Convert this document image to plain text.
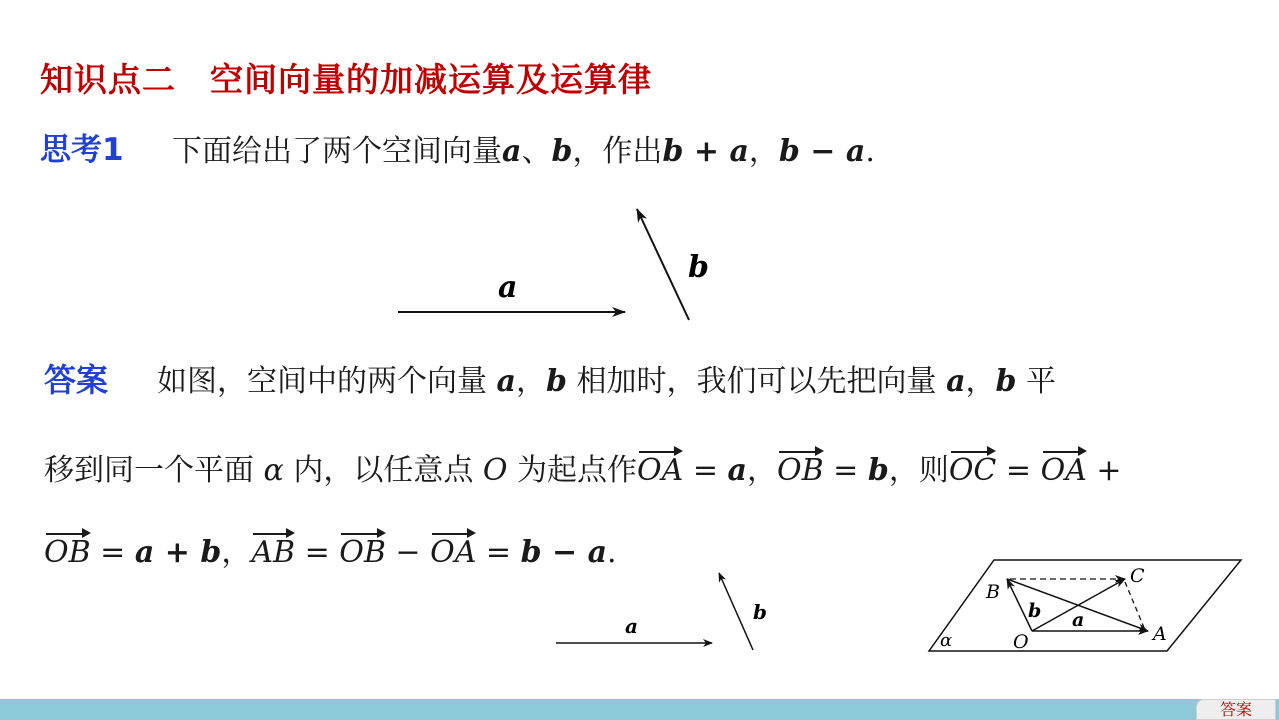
知识点二　空间向量的加减运算及运算律
思考1 下面给出了两个空间向量a、b，作出b + a，b − a.
a
b
答案 如图，空间中的两个向量 a，b 相加时，我们可以先把向量 a，b 平
移到同一个平面 α 内，以任意点 O 为起点作OA = a，OB = b，则OC = OA +
OB = a + b，AB = OB − OA = b − a.
a
b
α
B
C
O	A
b a
答案
